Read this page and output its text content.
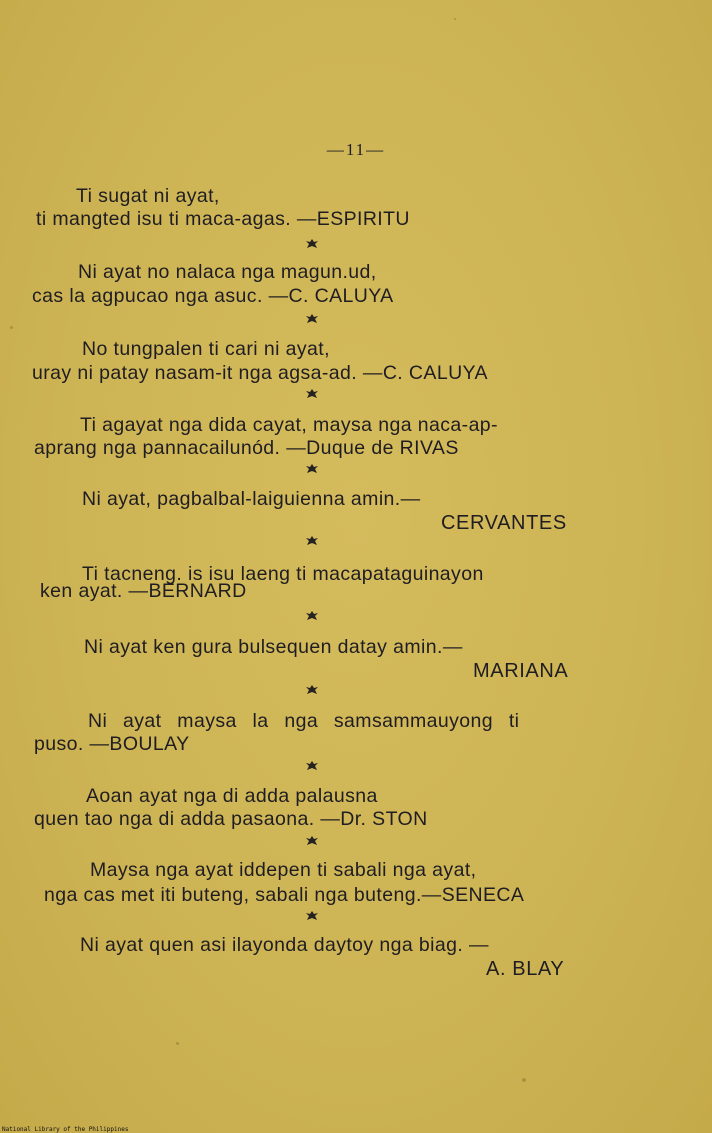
—11—
Ti sugat ni ayat,
ti mangted isu ti maca-agas. —ESPIRITU
Ni ayat no nalaca nga magun.ud,
cas la agpucao nga asuc. —C. CALUYA
No tungpalen ti cari ni ayat,
uray ni patay nasam-it nga agsa-ad. —C. CALUYA
Ti agayat nga dida cayat, maysa nga naca-ap-
aprang nga pannacailunód. —Duque de RIVAS
Ni ayat, pagbalbal-laiguienna amin.—
CERVANTES
Ti tacneng. is isu laeng ti macapataguinayon
ken ayat. —BERNARD
Ni ayat ken gura bulsequen datay amin.—
MARIANA
Ni ayat maysa la nga samsammauyong ti
puso. —BOULAY
Aoan ayat nga di adda palausna
quen tao nga di adda pasaona. —Dr. STON
Maysa nga ayat iddepen ti sabali nga ayat,
nga cas met iti buteng, sabali nga buteng.—SENECA
Ni ayat quen asi ilayonda daytoy nga biag. —
A. BLAY
National Library of the Philippines
